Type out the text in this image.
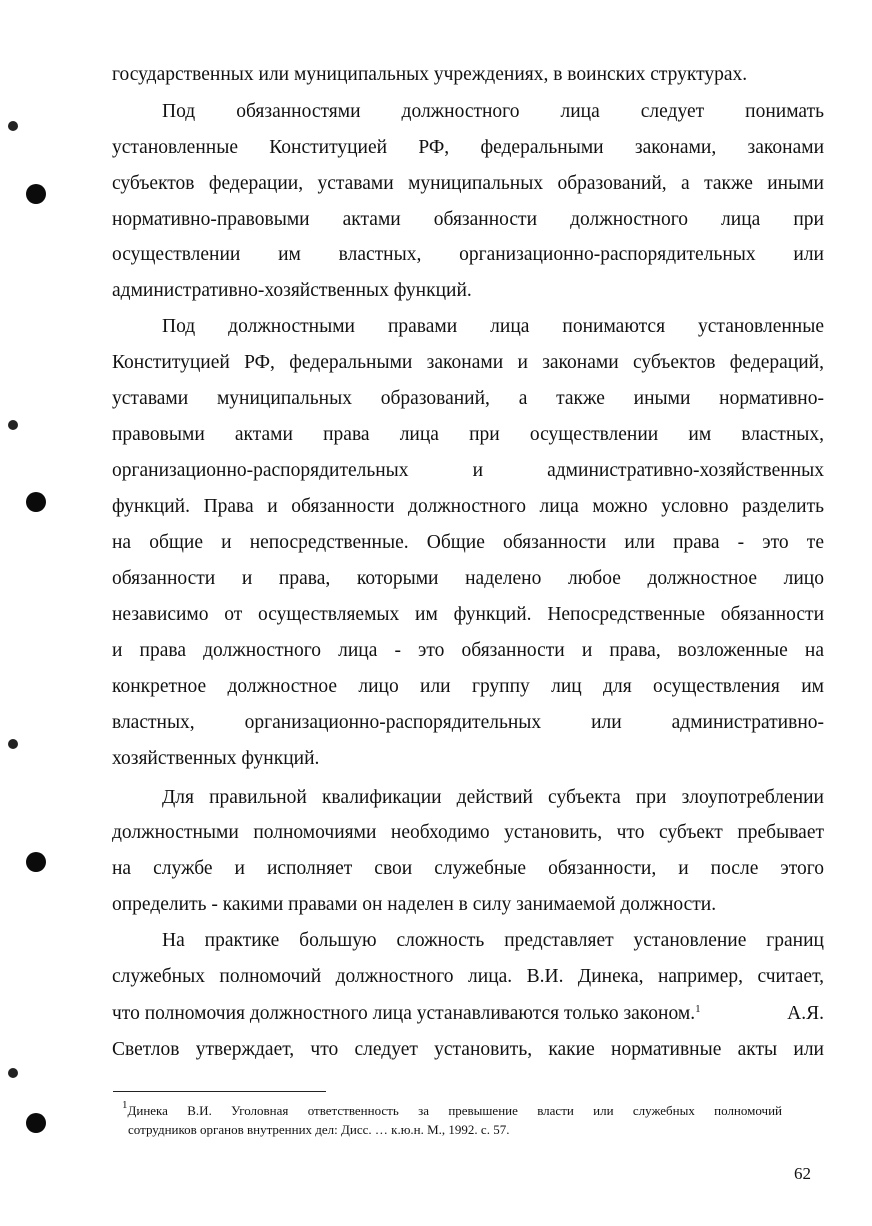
государственных или муниципальных учреждениях, в воинских структурах.
Под обязанностями должностного лица следует понимать
установленные Конституцией РФ, федеральными законами, законами
субъектов федерации, уставами муниципальных образований, а также иными
нормативно-правовыми актами обязанности должностного лица при
осуществлении им властных, организационно-распорядительных или
административно-хозяйственных функций.
Под должностными правами лица понимаются установленные
Конституцией РФ, федеральными законами и законами субъектов федераций,
уставами муниципальных образований, а также иными нормативно-
правовыми актами права лица при осуществлении им властных,
организационно-распорядительных и административно-хозяйственных
функций. Права и обязанности должностного лица можно условно разделить
на общие и непосредственные. Общие обязанности или права - это те
обязанности и права, которыми наделено любое должностное лицо
независимо от осуществляемых им функций. Непосредственные обязанности
и права должностного лица - это обязанности и права, возложенные на
конкретное должностное лицо или группу лиц для осуществления им
властных, организационно-распорядительных или административно-
хозяйственных функций.
Для правильной квалификации действий субъекта при злоупотреблении
должностными полномочиями необходимо установить, что субъект пребывает
на службе и исполняет свои служебные обязанности, и после этого
определить - какими правами он наделен в силу занимаемой должности.
На практике большую сложность представляет установление границ
служебных полномочий должностного лица. В.И. Динека, например, считает,
что полномочия должностного лица устанавливаются только законом.$^1$	А.Я.
Светлов утверждает, что следует установить, какие нормативные акты или
$^1$Динека В.И. Уголовная ответственность за превышение власти или служебных полномочий
сотрудников органов внутренних дел: Дисс. … к.ю.н. М., 1992. с. 57.
62
